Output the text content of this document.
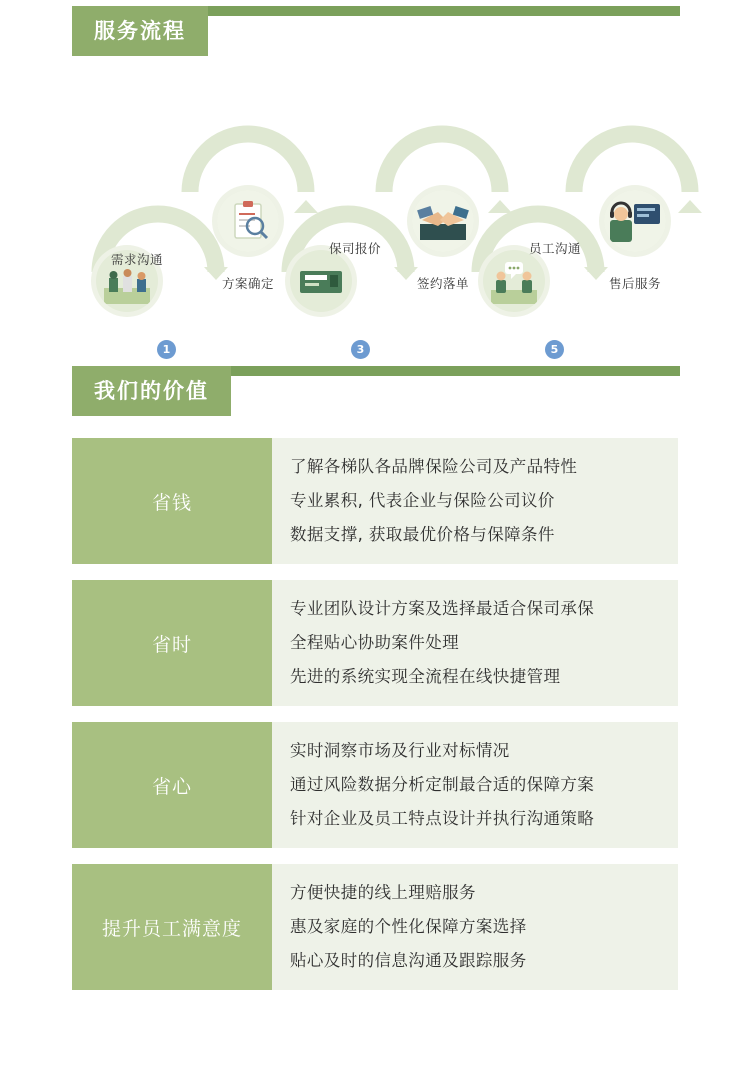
服务流程
需求沟通
1
方案确定
保司报价
3
签约落单
员工沟通
5
售后服务
我们的价值
省钱
了解各梯队各品牌保险公司及产品特性
专业累积, 代表企业与保险公司议价
数据支撑, 获取最优价格与保障条件
省时
专业团队设计方案及选择最适合保司承保
全程贴心协助案件处理
先进的系统实现全流程在线快捷管理
省心
实时洞察市场及行业对标情况
通过风险数据分析定制最合适的保障方案
针对企业及员工特点设计并执行沟通策略
提升员工满意度
方便快捷的线上理赔服务
惠及家庭的个性化保障方案选择
贴心及时的信息沟通及跟踪服务
